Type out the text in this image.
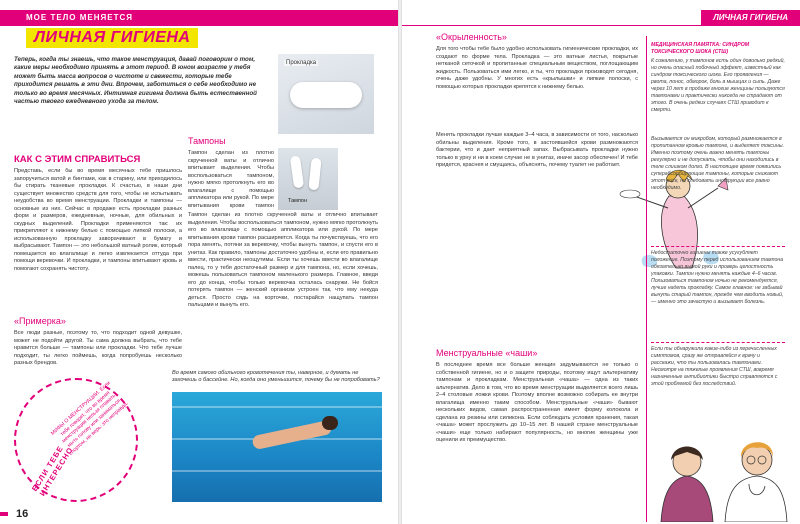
МОЕ ТЕЛО МЕНЯЕТСЯ
ЛИЧНАЯ ГИГИЕНА
Теперь, когда ты знаешь, что такое менструация, давай поговорим о том, какие меры необходимо принять в этот период. В юном возрасте у тебя может быть масса вопросов о чистоте и свежести, которые тебе приходится решать в эти дни. Впрочем, заботиться о себе необходимо не только во время месячных. Интимная гигиена должна быть естественной частью твоего ежедневного ухода за телом.
Прокладка
КАК С ЭТИМ СПРАВИТЬСЯ
Представь, если бы во время месячных тебе пришлось запоручиться ватой и бинтами, как в старину, или приходилось бы стирать тканевые прокладки. К счастью, в наши дни существует множество средств для того, чтобы не испытывать неудобства во время менструации. Прокладки и тампоны — основные из них. Сейчас в продаже есть прокладки разных форм и размеров, ежедневные, ночные, для обильных и скудных выделений. Прокладки применяются так: их прикрепляют к нижнему белью с помощью липкой полоски, а использованную прокладку заворачивают в бумагу и выбрасывают. Тампон — это небольшой ватный ролик, который помещается во влагалище и легко извлекается оттуда при помощи веревочки. И прокладки, и тампоны впитывают кровь и помогают сохранять чистоту.
«Примерка»
Все люди разные, поэтому то, что подходит одной девушке, может не подойти другой. Ты сама должна выбрать, что тебе нравится больше — тампоны или прокладки. Что тебе лучше подходит, ты легко поймешь, когда попробуешь несколько разных брендов.
Тампоны
Тампон сделан из плотно скрученной ваты и отлично впитывает выделения. Чтобы воспользоваться тампоном, нужно мягко протолкнуть его во влагалище с помощью аппликатора или рукой. По мере впитывания крови тампон
Тампон сделан из плотно скрученной ваты и отлично впитывает выделения. Чтобы воспользоваться тампоном, нужно мягко протолкнуть его во влагалище с помощью аппликатора или рукой. По мере впитывания крови тампон расширяется. Когда ты почувствуешь, что его пора менять, потяни за веревочку, чтобы вынуть тампон, и спусти его в унитаз. Как правило, тампоны достаточно удобны и, если его правильно ввести, практически неощутимы. Если ты хочешь ввести во влагалище палец, то у тебя достаточный размер и для тампона, но, если хочешь, можешь пользоваться тампоном маленького размера. Главное, введи его до конца, чтобы только веревочка осталась снаружи. Не бойся потерять тампон — женский организм устроен так, что ему некуда деться. Просто сядь на корточки, постарайся нащупать тампон пальцами и вынуть его.
Тампон
Во время самого обильного кровотечения ты, наверное, и думать не захочешь о бассейне. Но, когда оно уменьшится, почему бы не попробовать?
ЕСЛИ ТЕБЕ ИНТЕРЕСНО
МИФЫ О МЕНСТРУАЦИИ. Если тебе говорят, что во время менструации нельзя плавать, мыть голову или заниматься спортом, не верь: это неправда.
16
ЛИЧНАЯ ГИГИЕНА
«Окрыленность»
Для того чтобы тебе было удобно использовать гигиенические прокладки, их создают по форме тела. Прокладка — это ватные листья, покрытые нетканой сеточкой и пропитанные специальным веществом, поглощающим жидкость. Пользоваться ими легко, и ты, что прокладки производят сегодня, очень даже удобны. У многих есть «крылышки» и липкие полоски, с помощью которых прокладки крепятся к нижнему белью.
Менять прокладки лучше каждые 3–4 часа, в зависимости от того, насколько обильны выделения. Кроме того, в застоявшейся крови размножаются бактерии, что и дает неприятный запах. Выбрасывать прокладки нужно только в урну и ни в коем случае не в унитаз, иначе засор обеспечен! И тебе придется, краснея и смущаясь, объяснять, почему туалет не работает.
Менструальные «чаши»
В последнее время все больше женщин задумываются не только о собственной гигиене, но и о защите природы, поэтому ищут альтернативу тампонам и прокладкам. Менструальная «чаша» — одна из таких альтернатив. Дело в том, что во время менструации выделяется всего лишь 2–4 столовые ложки крови. Поэтому вполне возможно собирать ее внутри влагалища именно таким способом. Менструальные «чаши» бывают нескольких видов, самая распространенная имеет форму колокола и сделана из резины или силикона. Если соблюдать условия хранения, такая «чаша» может прослужить до 10–15 лет. В нашей стране менструальные «чаши» еще только набирают популярность, но многие женщины уже оценили их преимущество.
МЕДИЦИНСКАЯ ПАМЯТКА: СИНДРОМ ТОКСИЧЕСКОГО ШОКА (СТШ)
К сожалению, у тампонов есть один довольно редкий, но очень опасный побочный эффект, известный как синдром токсического шока. Его проявления — рвота, понос, обморок, боль в мышцах и сыпь. Даже через 10 лет в продаже многие женщины пользуются тампонами и практически никогда не страдают от этого. В очень редких случаях СТШ приводит к смерти.
Вызывается он микробом, который размножается в пропитанном кровью тампоне, и выделяет токсины. Именно поэтому очень важно менять тампоны регулярно и не допускать, чтобы они находились в теле слишком долго. В настоящее время появились суперабсорбирующие тампоны, которые снижают этот риск, но следовать инструкции все равно необходимо.
Недостаточно гигиены также усугубляет положение. Поэтому перед использованием тампона обязательно вымой руки и проверь целостность упаковки. Тампон нужно менять каждые 4–6 часов. Пользоваться тампоном ночью не рекомендуется, лучше надеть прокладку. Самое главное: не забывай вынуть старый тампон, прежде чем вводить новый, — именно это зачастую и вызывает болезнь.
Если ты обнаружила какие-либо из перечисленных симптомов, сразу же отправляйся к врачу и расскажи, что ты пользовалась тампонами. Несмотря на тяжелые проявления СТШ, вовремя назначенные антибиотики быстро справляются с этой проблемой без последствий.
